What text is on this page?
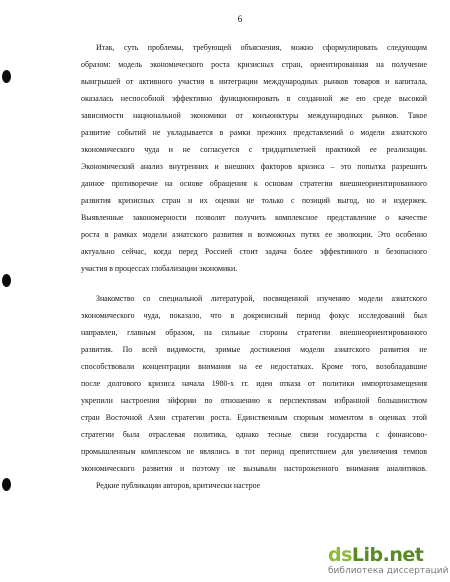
6
Итак, суть проблемы, требующей объяснения, можно сформулировать следующим
образом: модель экономического роста кризисных стран, ориентированная на получение
выигрышей от активного участия в интеграции международных рынков товаров и капитала,
оказалась неспособной эффективно функционировать в созданной же ею среде высокой
зависимости национальной экономики от конъюнктуры международных рынков. Такое
развитие событий не укладывается в рамки прежних представлений о модели азиатского
экономического чуда и не согласуется с тридцатилетней практикой ее реализации.
Экономический анализ внутренних и внешних факторов кризиса – это попытка разрешить
данное противоречие на основе обращения к основам стратегии внешнеориентированного
развития кризисных стран и их оценки не только с позиций выгод, но и издержек.
Выявленные закономерности позволят получить комплексное представление о качестве
роста в рамках модели азиатского развития и возможных путях ее эволюции. Это особенно
актуально сейчас, когда перед Россией стоит задача более эффективного и безопасного
участия в процессах глобализации экономики.
Знакомство со специальной литературой, посвященной изучению модели азиатского
экономического чуда, показало, что в докризисный период фокус исследований был
направлен, главным образом, на сильные стороны стратегии внешнеориентированного
развития. По всей видимости, зримые достижения модели азиатского развития не
способствовали концентрации внимания на ее недостатках. Кроме того, возобладавшие
после долгового кризиса начала 1980-х гг. идеи отказа от политики импортозамещения
укрепили настроения эйфории по отношению к перспективам избранной большинством
стран Восточной Азии стратегии роста. Единственным спорным моментом в оценках этой
стратегии была отраслевая политика, однако тесные связи государства с финансово-
промышленным комплексом не являлись в тот период препятствием для увеличения темпов
экономического развития и поэтому не вызывали настороженного внимания аналитиков.
Редкие публикации авторов, критически настрое
dsLib.net
библиотека диссертаций
